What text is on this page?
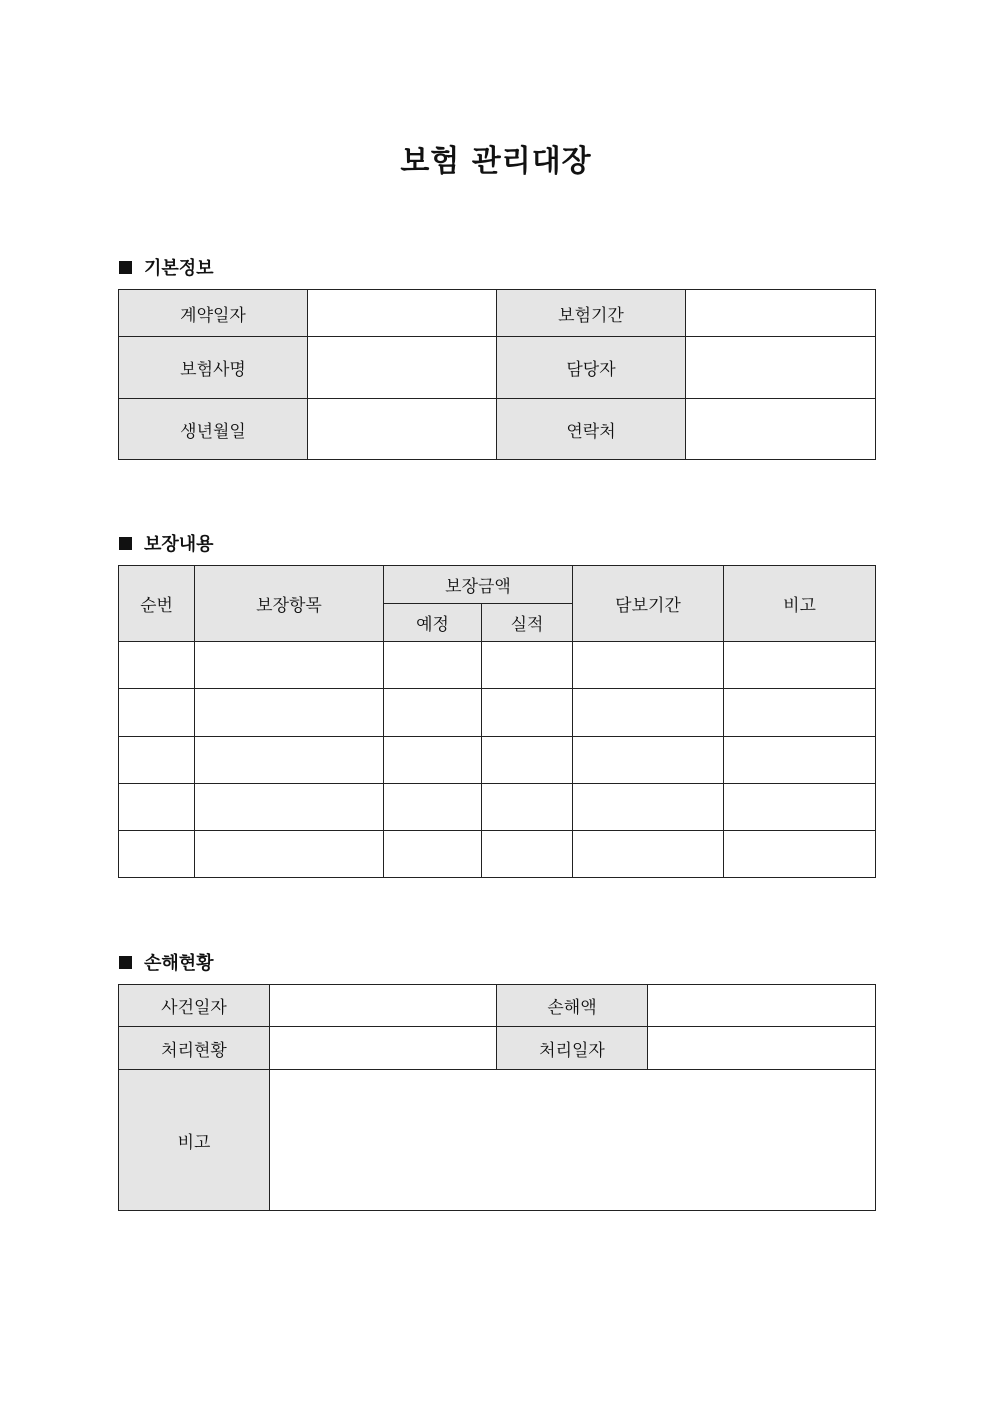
보험 관리대장
기본정보
계약일자		보험기간	
보험사명		담당자	
생년월일		연락처	
보장내용
순번	보장항목	보장금액		담보기간	비고
		예정	실적		

손해현황
사건일자		손해액	
처리현황		처리일자	
비고			
